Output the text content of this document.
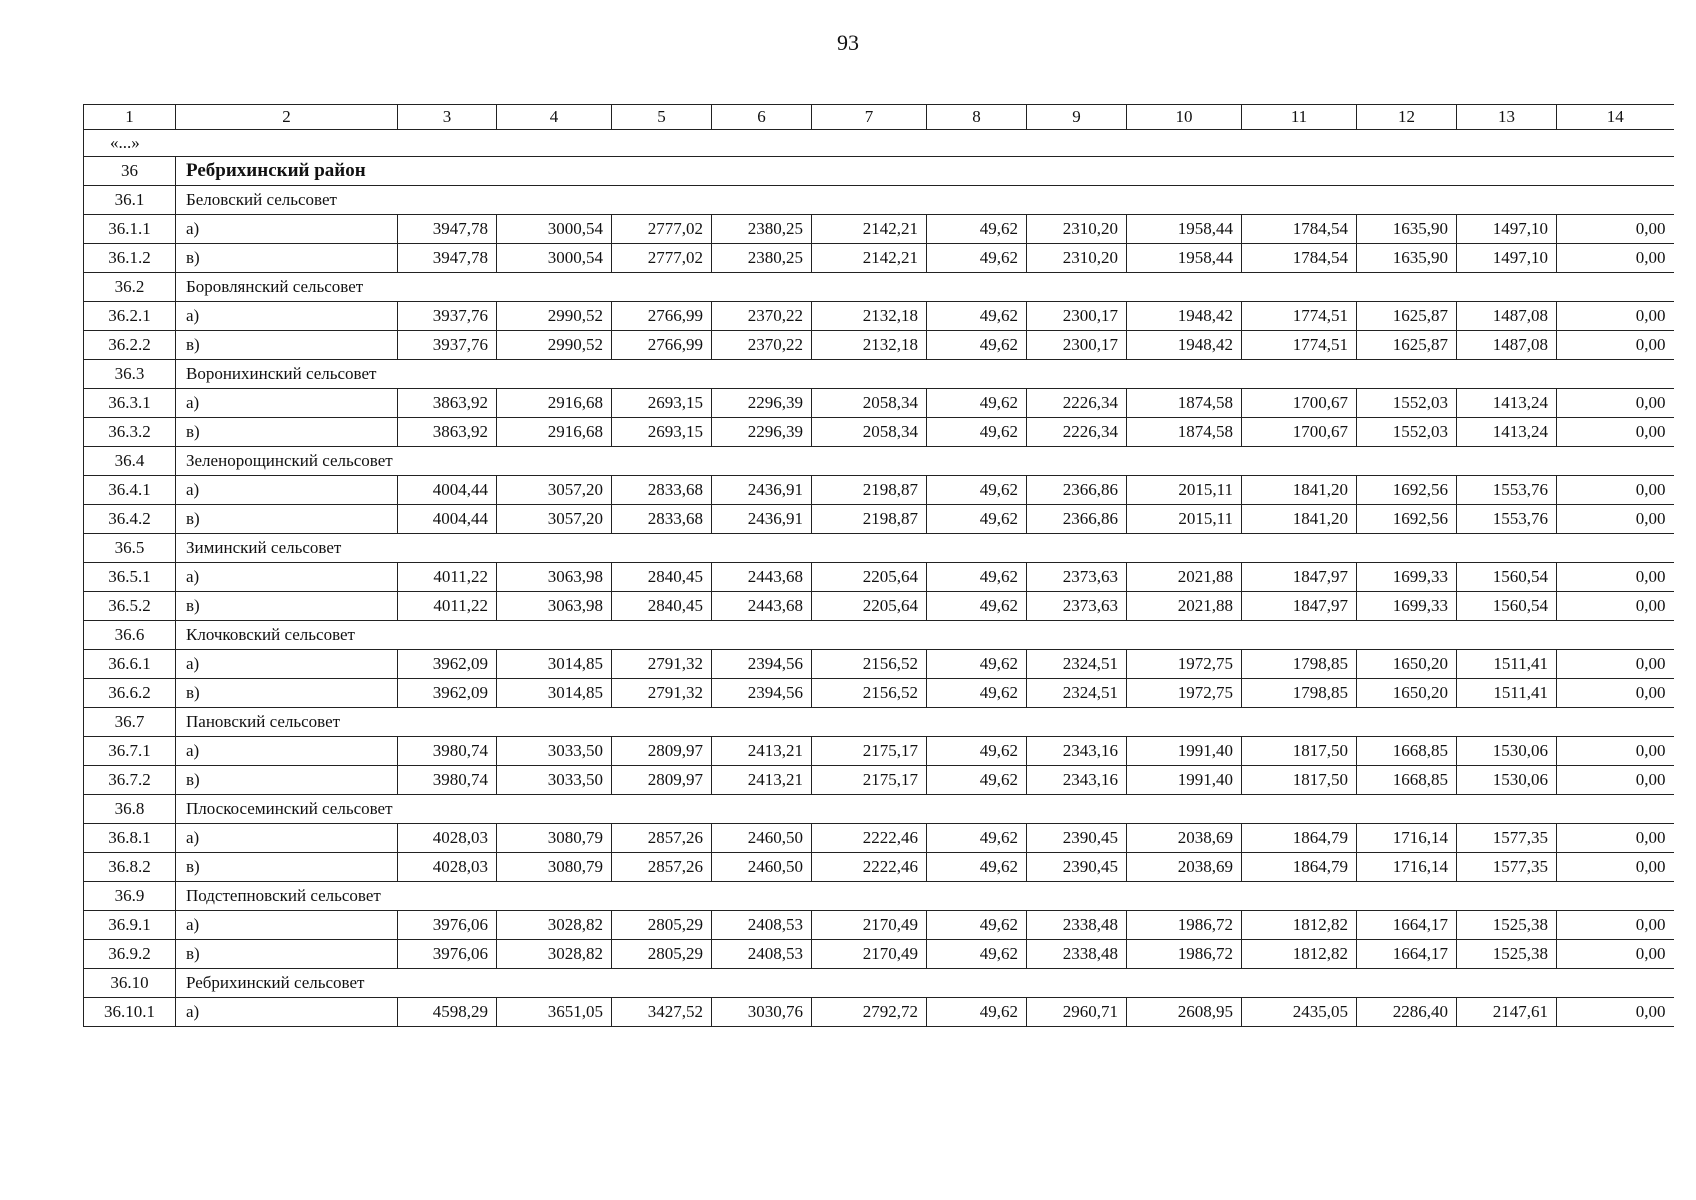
93
1	2	3	4	5	6	7	8	9	10	11	12	13	14
«...»													
36	Ребрихинский район												
36.1	Беловский сельсовет												
36.1.1	а)	3947,78	3000,54	2777,02	2380,25	2142,21	49,62	2310,20	1958,44	1784,54	1635,90	1497,10	0,00
36.1.2	в)	3947,78	3000,54	2777,02	2380,25	2142,21	49,62	2310,20	1958,44	1784,54	1635,90	1497,10	0,00
36.2	Боровлянский сельсовет												
36.2.1	а)	3937,76	2990,52	2766,99	2370,22	2132,18	49,62	2300,17	1948,42	1774,51	1625,87	1487,08	0,00
36.2.2	в)	3937,76	2990,52	2766,99	2370,22	2132,18	49,62	2300,17	1948,42	1774,51	1625,87	1487,08	0,00
36.3	Воронихинский сельсовет												
36.3.1	а)	3863,92	2916,68	2693,15	2296,39	2058,34	49,62	2226,34	1874,58	1700,67	1552,03	1413,24	0,00
36.3.2	в)	3863,92	2916,68	2693,15	2296,39	2058,34	49,62	2226,34	1874,58	1700,67	1552,03	1413,24	0,00
36.4	Зеленорощинский сельсовет												
36.4.1	а)	4004,44	3057,20	2833,68	2436,91	2198,87	49,62	2366,86	2015,11	1841,20	1692,56	1553,76	0,00
36.4.2	в)	4004,44	3057,20	2833,68	2436,91	2198,87	49,62	2366,86	2015,11	1841,20	1692,56	1553,76	0,00
36.5	Зиминский сельсовет												
36.5.1	а)	4011,22	3063,98	2840,45	2443,68	2205,64	49,62	2373,63	2021,88	1847,97	1699,33	1560,54	0,00
36.5.2	в)	4011,22	3063,98	2840,45	2443,68	2205,64	49,62	2373,63	2021,88	1847,97	1699,33	1560,54	0,00
36.6	Клочковский сельсовет												
36.6.1	а)	3962,09	3014,85	2791,32	2394,56	2156,52	49,62	2324,51	1972,75	1798,85	1650,20	1511,41	0,00
36.6.2	в)	3962,09	3014,85	2791,32	2394,56	2156,52	49,62	2324,51	1972,75	1798,85	1650,20	1511,41	0,00
36.7	Пановский сельсовет												
36.7.1	а)	3980,74	3033,50	2809,97	2413,21	2175,17	49,62	2343,16	1991,40	1817,50	1668,85	1530,06	0,00
36.7.2	в)	3980,74	3033,50	2809,97	2413,21	2175,17	49,62	2343,16	1991,40	1817,50	1668,85	1530,06	0,00
36.8	Плоскосеминский сельсовет												
36.8.1	а)	4028,03	3080,79	2857,26	2460,50	2222,46	49,62	2390,45	2038,69	1864,79	1716,14	1577,35	0,00
36.8.2	в)	4028,03	3080,79	2857,26	2460,50	2222,46	49,62	2390,45	2038,69	1864,79	1716,14	1577,35	0,00
36.9	Подстепновский сельсовет												
36.9.1	а)	3976,06	3028,82	2805,29	2408,53	2170,49	49,62	2338,48	1986,72	1812,82	1664,17	1525,38	0,00
36.9.2	в)	3976,06	3028,82	2805,29	2408,53	2170,49	49,62	2338,48	1986,72	1812,82	1664,17	1525,38	0,00
36.10	Ребрихинский сельсовет												
36.10.1	а)	4598,29	3651,05	3427,52	3030,76	2792,72	49,62	2960,71	2608,95	2435,05	2286,40	2147,61	0,00
